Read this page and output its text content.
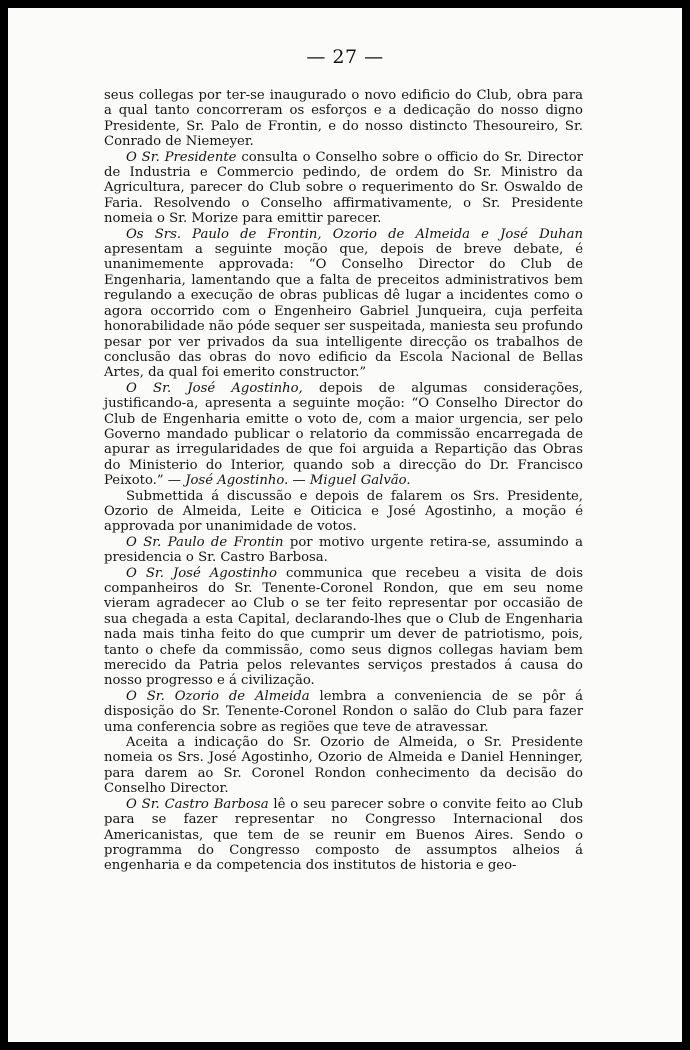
— 27 —

seus collegas por ter-se inaugurado o novo edificio do Club, obra para a qual tanto concorreram os esforços e a dedicação do nosso digno Presidente, Sr. Palo de Frontin, e do nosso distincto Thesoureiro, Sr. Conrado de Niemeyer.

O Sr. Presidente consulta o Conselho sobre o officio do Sr. Director de Industria e Commercio pedindo, de ordem do Sr. Ministro da Agricultura, parecer do Club sobre o requerimento do Sr. Oswaldo de Faria. Resolvendo o Conselho affirmativamente, o Sr. Presidente nomeia o Sr. Morize para emittir parecer.

Os Srs. Paulo de Frontin, Ozorio de Almeida e José Duhan apresentam a seguinte moção que, depois de breve debate, é unanimemente approvada: “O Conselho Director do Club de Engenharia, lamentando que a falta de preceitos administrativos bem regulando a execução de obras publicas dê lugar a incidentes como o agora occorrido com o Engenheiro Gabriel Junqueira, cuja perfeita honorabilidade não póde sequer ser suspeitada, maniesta seu profundo pesar por ver privados da sua intelligente direcção os trabalhos de conclusão das obras do novo edificio da Escola Nacional de Bellas Artes, da qual foi emerito constructor.”

O Sr. José Agostinho, depois de algumas considerações, justificando-a, apresenta a seguinte moção: “O Conselho Director do Club de Engenharia emitte o voto de, com a maior urgencia, ser pelo Governo mandado publicar o relatorio da commissão encarregada de apurar as irregularidades de que foi arguida a Repartição das Obras do Ministerio do Interior, quando sob a direcção do Dr. Francisco Peixoto.” — José Agostinho. — Miguel Galvão.

Submettida á discussão e depois de falarem os Srs. Presidente, Ozorio de Almeida, Leite e Oiticica e José Agostinho, a moção é approvada por unanimidade de votos.

O Sr. Paulo de Frontin por motivo urgente retira-se, assumindo a presidencia o Sr. Castro Barbosa.

O Sr. José Agostinho communica que recebeu a visita de dois companheiros do Sr. Tenente-Coronel Rondon, que em seu nome vieram agradecer ao Club o se ter feito representar por occasião de sua chegada a esta Capital, declarando-lhes que o Club de Engenharia nada mais tinha feito do que cumprir um dever de patriotismo, pois, tanto o chefe da commissão, como seus dignos collegas haviam bem merecido da Patria pelos relevantes serviços prestados á causa do nosso progresso e á civilização.

O Sr. Ozorio de Almeida lembra a conveniencia de se pôr á disposição do Sr. Tenente-Coronel Rondon o salão do Club para fazer uma conferencia sobre as regiões que teve de atravessar.

Aceita a indicação do Sr. Ozorio de Almeida, o Sr. Presidente nomeia os Srs. José Agostinho, Ozorio de Almeida e Daniel Henninger, para darem ao Sr. Coronel Rondon conhecimento da decisão do Conselho Director.

O Sr. Castro Barbosa lê o seu parecer sobre o convite feito ao Club para se fazer representar no Congresso Internacional dos Americanistas, que tem de se reunir em Buenos Aires. Sendo o programma do Congresso composto de assumptos alheios á engenharia e da competencia dos institutos de historia e geo-
